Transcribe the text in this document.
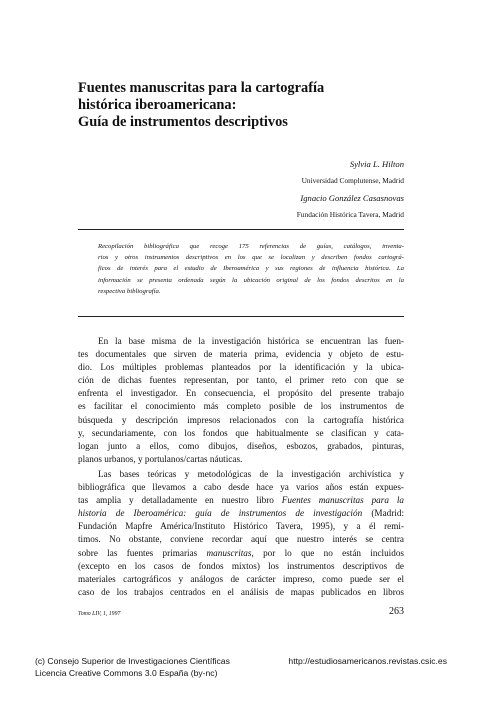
Fuentes manuscritas para la cartografía
histórica iberoamericana:
Guía de instrumentos descriptivos
Sylvia L. Hilton
Universidad Complutense, Madrid
Ignacio González Casasnovas
Fundación Histórica Tavera, Madrid
Recopilación bibliográfica que recoge 175 referencias de guías, catálogos, inventa-
rios y otros instrumentos descriptivos en los que se localizan y describen fondos cartográ-
ficos de interés para el estudio de Iberoamérica y sus regiones de influencia histórica. La
información se presenta ordenada según la ubicación original de los fondos descritos en la
respectiva bibliografía.
En la base misma de la investigación histórica se encuentran las fuen-
tes documentales que sirven de materia prima, evidencia y objeto de estu-
dio. Los múltiples problemas planteados por la identificación y la ubica-
ción de dichas fuentes representan, por tanto, el primer reto con que se
enfrenta el investigador. En consecuencia, el propósito del presente trabajo
es facilitar el conocimiento más completo posible de los instrumentos de
búsqueda y descripción impresos relacionados con la cartografía histórica
y, secundariamente, con los fondos que habitualmente se clasifican y cata-
logan junto a ellos, como dibujos, diseños, esbozos, grabados, pinturas,
planos urbanos, y portulanos/cartas náuticas.
Las bases teóricas y metodológicas de la investigación archivística y
bibliográfica que llevamos a cabo desde hace ya varios años están expues-
tas amplia y detalladamente en nuestro libro Fuentes manuscritas para la
historia de Iberoamérica: guía de instrumentos de investigación (Madrid:
Fundación Mapfre América/Instituto Histórico Tavera, 1995), y a él remi-
timos. No obstante, conviene recordar aquí que nuestro interés se centra
sobre las fuentes primarias manuscritas, por lo que no están incluidos
(excepto en los casos de fondos mixtos) los instrumentos descriptivos de
materiales cartográficos y análogos de carácter impreso, como puede ser el
caso de los trabajos centrados en el análisis de mapas publicados en libros
Tomo LIV, 1, 1997	263
(c) Consejo Superior de Investigaciones Científicas
Licencia Creative Commons 3.0 España (by-nc)
http://estudiosamericanos.revistas.csic.es
